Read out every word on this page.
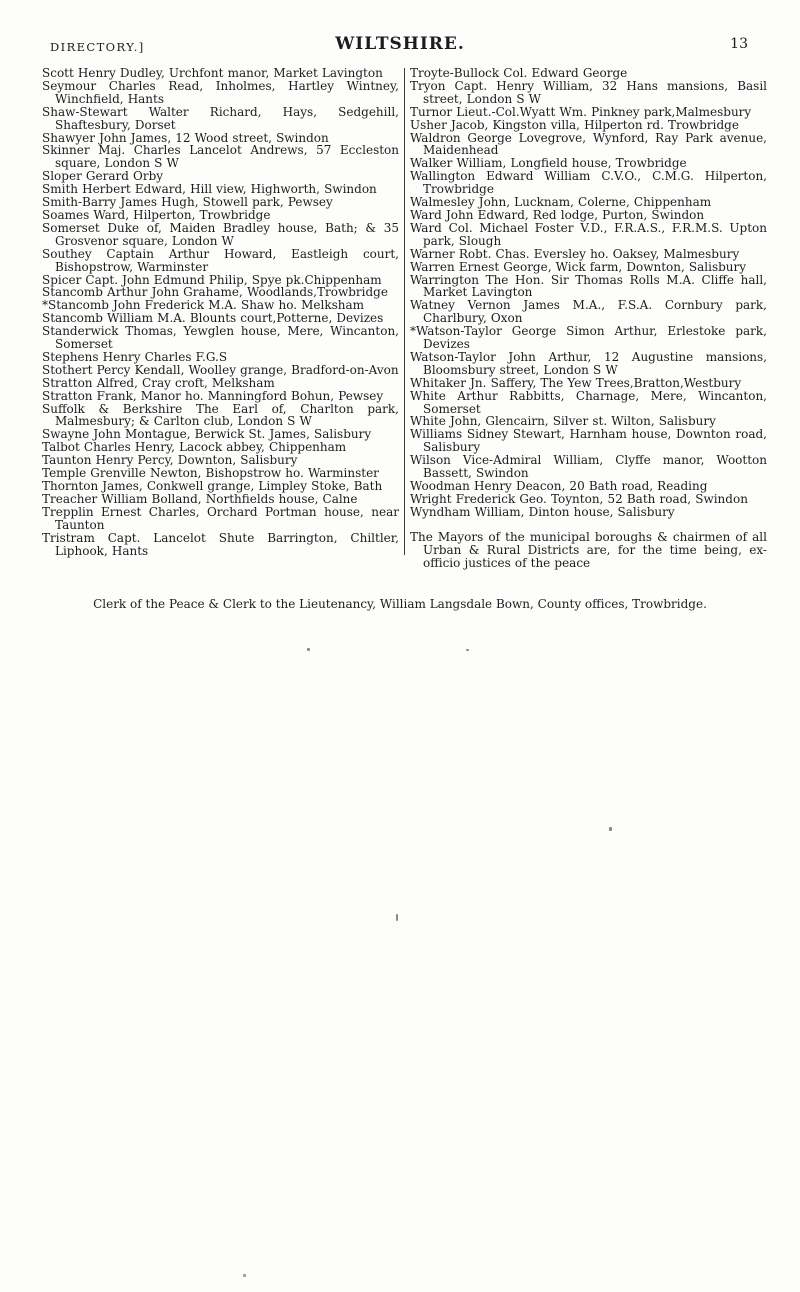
DIRECTORY.]	WILTSHIRE.	13

Scott Henry Dudley, Urchfont manor, Market Lavington

Seymour Charles Read, Inholmes, Hartley Wintney, Winchfield, Hants

Shaw-Stewart Walter Richard, Hays, Sedgehill, Shaftesbury, Dorset

Shawyer John James, 12 Wood street, Swindon

Skinner Maj. Charles Lancelot Andrews, 57 Eccleston square, London S W

Sloper Gerard Orby

Smith Herbert Edward, Hill view, Highworth, Swindon

Smith-Barry James Hugh, Stowell park, Pewsey

Soames Ward, Hilperton, Trowbridge

Somerset Duke of, Maiden Bradley house, Bath; & 35 Grosvenor square, London W

Southey Captain Arthur Howard, Eastleigh court, Bishopstrow, Warminster

Spicer Capt. John Edmund Philip, Spye pk.Chippenham

Stancomb Arthur John Grahame, Woodlands,Trowbridge

*Stancomb John Frederick M.A. Shaw ho. Melksham

Stancomb William M.A. Blounts court,Potterne, Devizes

Standerwick Thomas, Yewglen house, Mere, Wincanton, Somerset

Stephens Henry Charles F.G.S

Stothert Percy Kendall, Woolley grange, Bradford-on-Avon

Stratton Alfred, Cray croft, Melksham

Stratton Frank, Manor ho. Manningford Bohun, Pewsey

Suffolk & Berkshire The Earl of, Charlton park, Malmesbury; & Carlton club, London S W

Swayne John Montague, Berwick St. James, Salisbury

Talbot Charles Henry, Lacock abbey, Chippenham

Taunton Henry Percy, Downton, Salisbury

Temple Grenville Newton, Bishopstrow ho. Warminster

Thornton James, Conkwell grange, Limpley Stoke, Bath

Treacher William Bolland, Northfields house, Calne

Trepplin Ernest Charles, Orchard Portman house, near Taunton

Tristram Capt. Lancelot Shute Barrington, Chiltler, Liphook, Hants

Troyte-Bullock Col. Edward George

Tryon Capt. Henry William, 32 Hans mansions, Basil street, London S W

Turnor Lieut.-Col.Wyatt Wm. Pinkney park,Malmesbury

Usher Jacob, Kingston villa, Hilperton rd. Trowbridge

Waldron George Lovegrove, Wynford, Ray Park avenue, Maidenhead

Walker William, Longfield house, Trowbridge

Wallington Edward William C.V.O., C.M.G. Hilperton, Trowbridge

Walmesley John, Lucknam, Colerne, Chippenham

Ward John Edward, Red lodge, Purton, Swindon

Ward Col. Michael Foster V.D., F.R.A.S., F.R.M.S. Upton park, Slough

Warner Robt. Chas. Eversley ho. Oaksey, Malmesbury

Warren Ernest George, Wick farm, Downton, Salisbury

Warrington The Hon. Sir Thomas Rolls M.A. Cliffe hall, Market Lavington

Watney Vernon James M.A., F.S.A. Cornbury park, Charlbury, Oxon

*Watson-Taylor George Simon Arthur, Erlestoke park, Devizes

Watson-Taylor John Arthur, 12 Augustine mansions, Bloomsbury street, London S W

Whitaker Jn. Saffery, The Yew Trees,Bratton,Westbury

White Arthur Rabbitts, Charnage, Mere, Wincanton, Somerset

White John, Glencairn, Silver st. Wilton, Salisbury

Williams Sidney Stewart, Harnham house, Downton road, Salisbury

Wilson Vice-Admiral William, Clyffe manor, Wootton Bassett, Swindon

Woodman Henry Deacon, 20 Bath road, Reading

Wright Frederick Geo. Toynton, 52 Bath road, Swindon

Wyndham William, Dinton house, Salisbury

The Mayors of the municipal boroughs & chairmen of all Urban & Rural Districts are, for the time being, ex-officio justices of the peace

Clerk of the Peace & Clerk to the Lieutenancy, William Langsdale Bown, County offices, Trowbridge.
